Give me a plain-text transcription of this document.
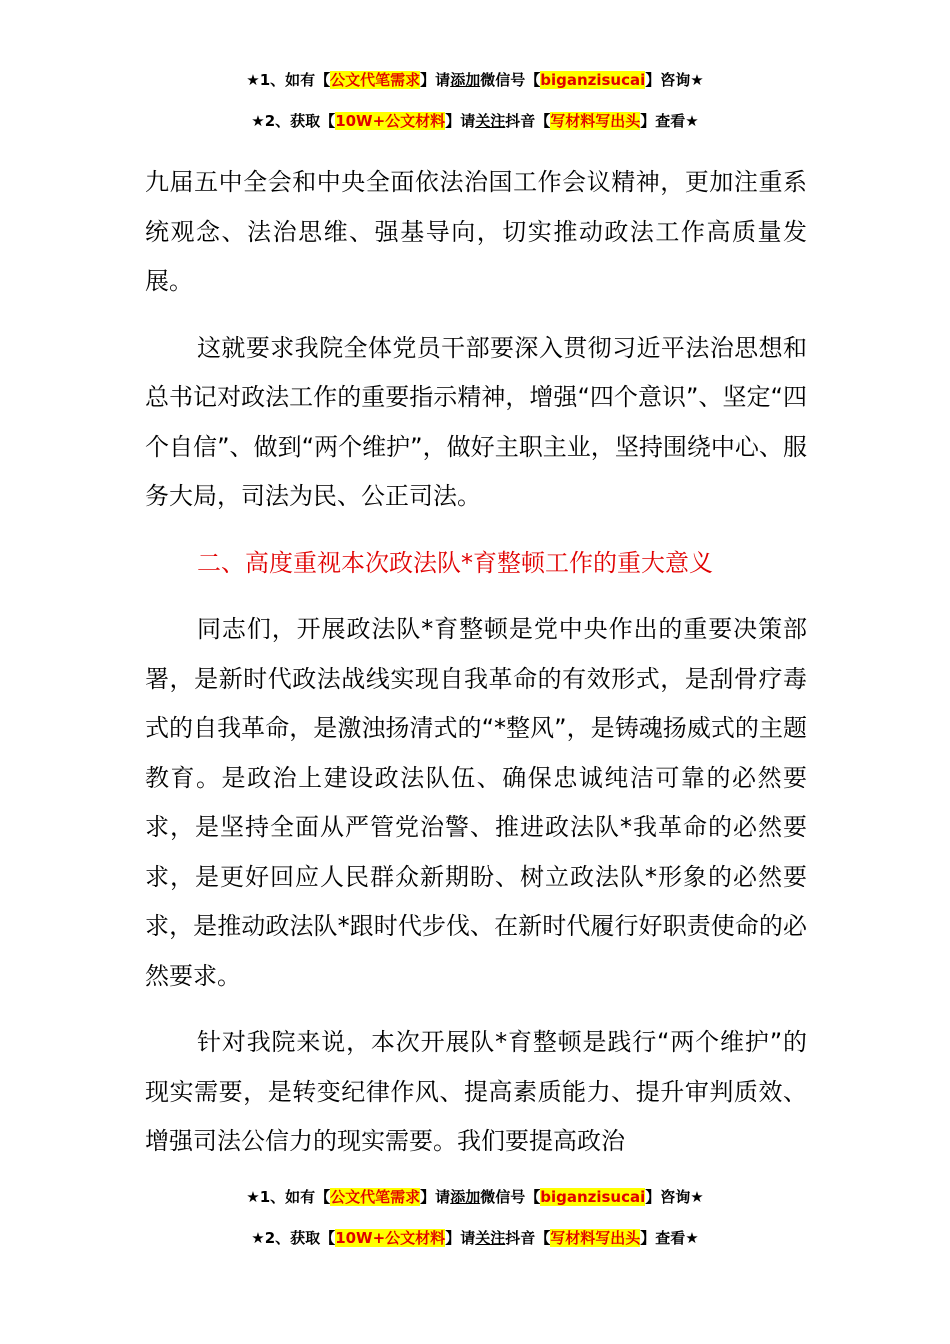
★1、如有【公文代笔需求】请添加微信号【biganzisucai】咨询★
★2、获取【10W+公文材料】请关注抖音【写材料写出头】查看★

九届五中全会和中央全面依法治国工作会议精神，更加注重系统观念、法治思维、强基导向，切实推动政法工作高质量发展。

这就要求我院全体党员干部要深入贯彻习近平法治思想和总书记对政法工作的重要指示精神，增强“四个意识”、坚定“四个自信”、做到“两个维护”，做好主职主业，坚持围绕中心、服务大局，司法为民、公正司法。

二、高度重视本次政法队*育整顿工作的重大意义

同志们，开展政法队*育整顿是党中央作出的重要决策部署，是新时代政法战线实现自我革命的有效形式，是刮骨疗毒式的自我革命，是激浊扬清式的“*整风”，是铸魂扬威式的主题教育。是政治上建设政法队伍、确保忠诚纯洁可靠的必然要求，是坚持全面从严管党治警、推进政法队*我革命的必然要求，是更好回应人民群众新期盼、树立政法队*形象的必然要求，是推动政法队*跟时代步伐、在新时代履行好职责使命的必然要求。

针对我院来说，本次开展队*育整顿是践行“两个维护”的现实需要，是转变纪律作风、提高素质能力、提升审判质效、增强司法公信力的现实需要。我们要提高政治

★1、如有【公文代笔需求】请添加微信号【biganzisucai】咨询★
★2、获取【10W+公文材料】请关注抖音【写材料写出头】查看★
